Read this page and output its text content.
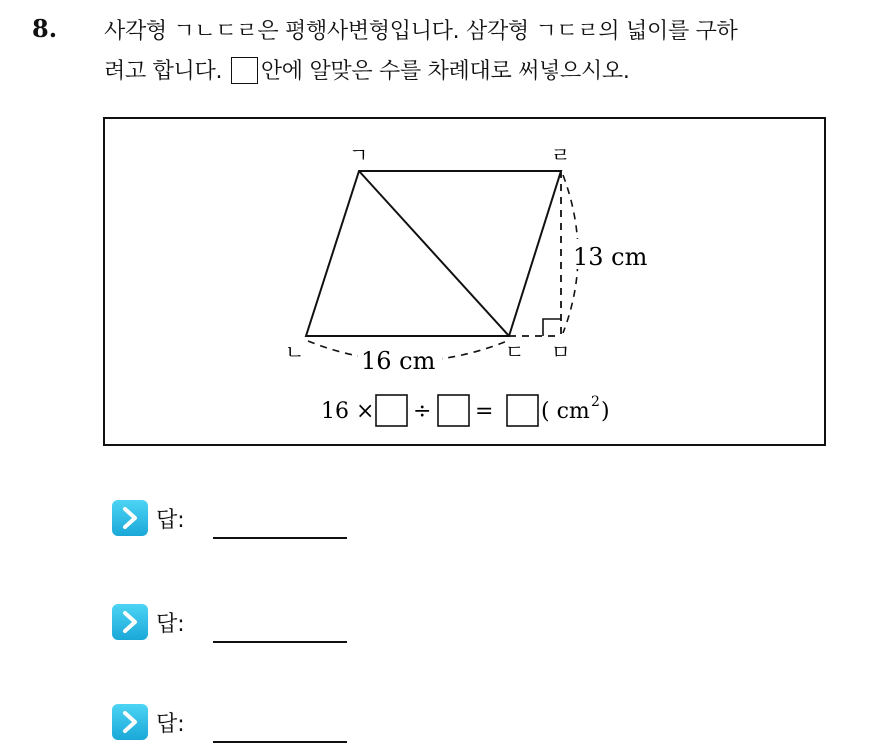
8. 사각형 ㄱㄴㄷㄹ은 평행사변형입니다. 삼각형 ㄱㄷㄹ의 넓이를 구하
려고 합니다. 안에 알맞은 수를 차례대로 써넣으시오.
ㄱ	ㄹ
ㄴ	ㄷ ㅁ
13 cm
16 cm
16 × ÷ = ( cm 2 )
답:
답:
답:
